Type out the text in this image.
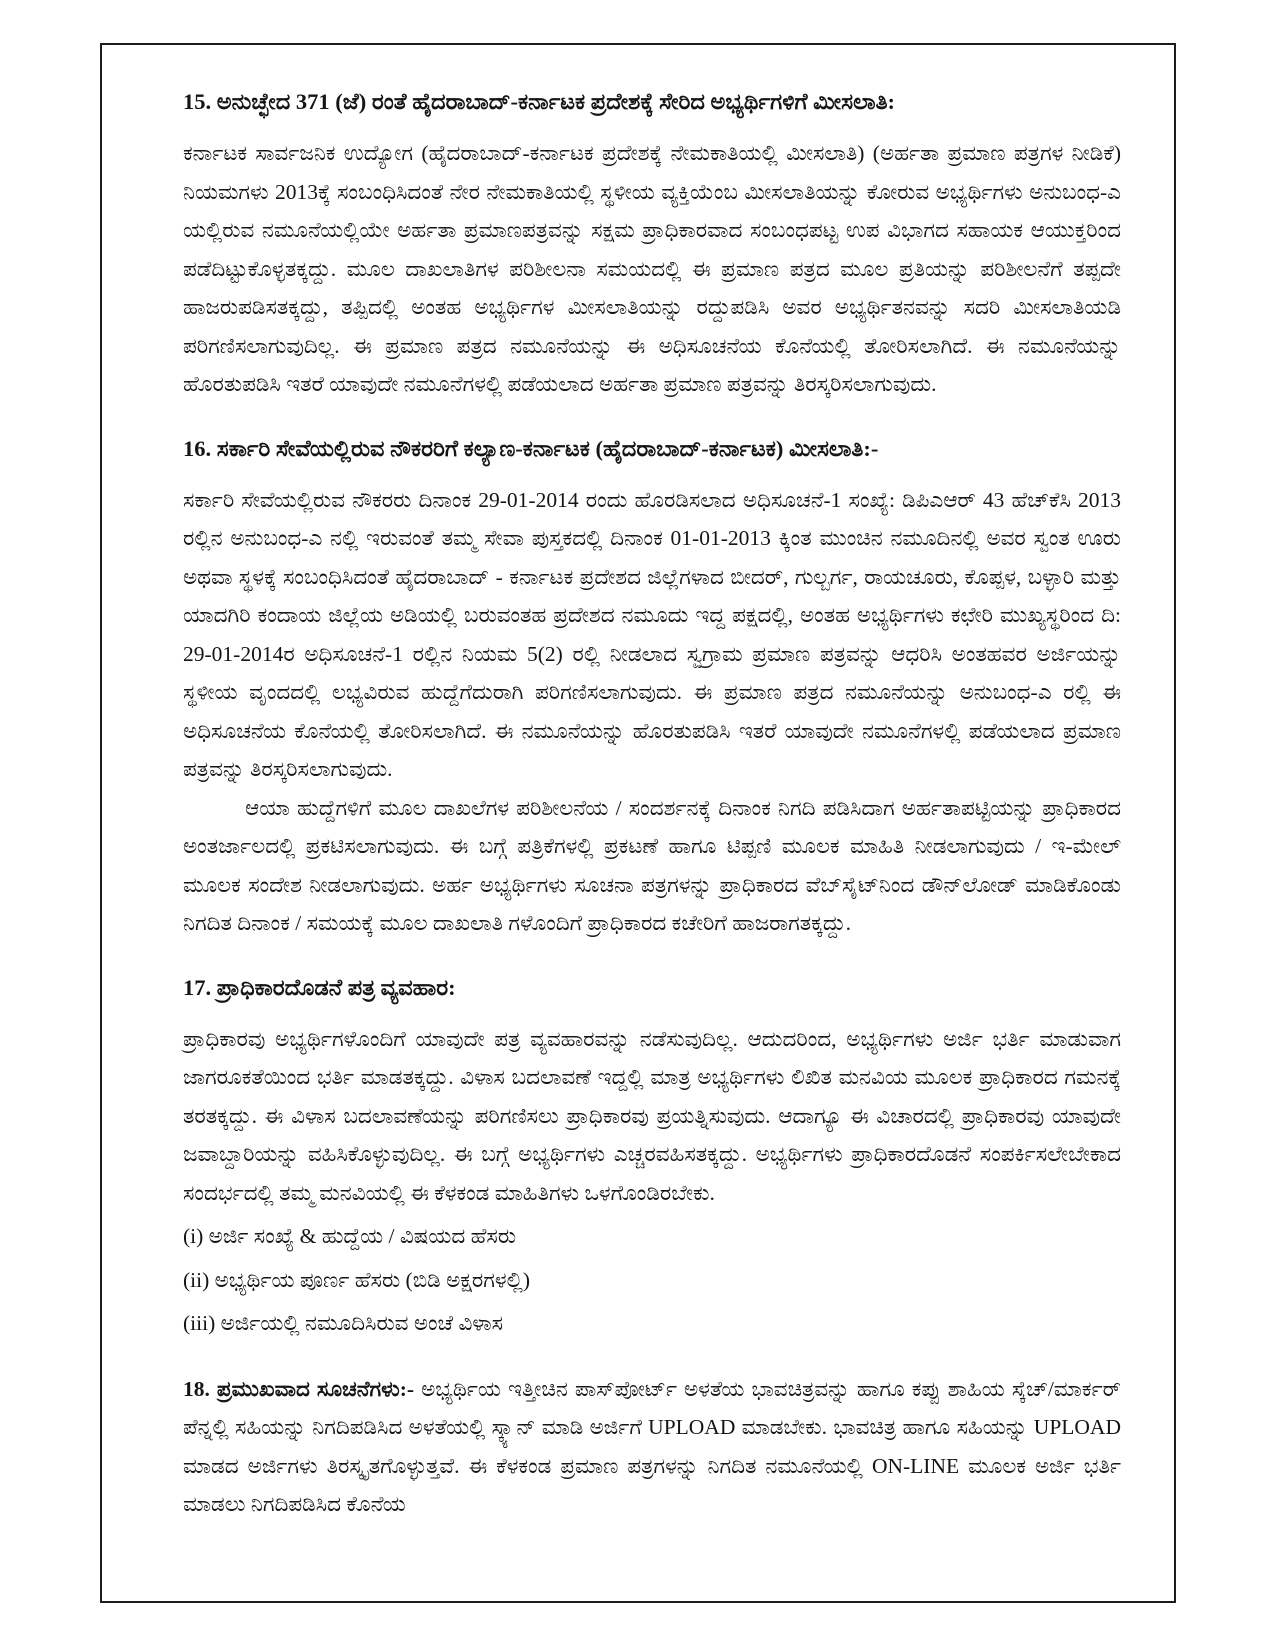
15. ಅನುಚ್ಛೇದ 371 (ಜೆ) ರಂತೆ ಹೈದರಾಬಾದ್-ಕರ್ನಾಟಕ ಪ್ರದೇಶಕ್ಕೆ ಸೇರಿದ ಅಭ್ಯರ್ಥಿಗಳಿಗೆ ಮೀಸಲಾತಿ:

ಕರ್ನಾಟಕ ಸಾರ್ವಜನಿಕ ಉದ್ಯೋಗ (ಹೈದರಾಬಾದ್-ಕರ್ನಾಟಕ ಪ್ರದೇಶಕ್ಕೆ ನೇಮಕಾತಿಯಲ್ಲಿ ಮೀಸಲಾತಿ) (ಅರ್ಹತಾ ಪ್ರಮಾಣ ಪತ್ರಗಳ ನೀಡಿಕೆ) ನಿಯಮಗಳು 2013ಕ್ಕೆ ಸಂಬಂಧಿಸಿದಂತೆ ನೇರ ನೇಮಕಾತಿಯಲ್ಲಿ ಸ್ಥಳೀಯ ವ್ಯಕ್ತಿಯೆಂಬ ಮೀಸಲಾತಿಯನ್ನು ಕೋರುವ ಅಭ್ಯರ್ಥಿಗಳು ಅನುಬಂಧ-ಎ ಯಲ್ಲಿರುವ ನಮೂನೆಯಲ್ಲಿಯೇ ಅರ್ಹತಾ ಪ್ರಮಾಣಪತ್ರವನ್ನು ಸಕ್ಷಮ ಪ್ರಾಧಿಕಾರವಾದ ಸಂಬಂಧಪಟ್ಟ ಉಪ ವಿಭಾಗದ ಸಹಾಯಕ ಆಯುಕ್ತರಿಂದ ಪಡೆದಿಟ್ಟುಕೊಳ್ಳತಕ್ಕದ್ದು. ಮೂಲ ದಾಖಲಾತಿಗಳ ಪರಿಶೀಲನಾ ಸಮಯದಲ್ಲಿ ಈ ಪ್ರಮಾಣ ಪತ್ರದ ಮೂಲ ಪ್ರತಿಯನ್ನು ಪರಿಶೀಲನೆಗೆ ತಪ್ಪದೇ ಹಾಜರುಪಡಿಸತಕ್ಕದ್ದು, ತಪ್ಪಿದಲ್ಲಿ ಅಂತಹ ಅಭ್ಯರ್ಥಿಗಳ ಮೀಸಲಾತಿಯನ್ನು ರದ್ದುಪಡಿಸಿ ಅವರ ಅಭ್ಯರ್ಥಿತನವನ್ನು ಸದರಿ ಮೀಸಲಾತಿಯಡಿ ಪರಿಗಣಿಸಲಾಗುವುದಿಲ್ಲ. ಈ ಪ್ರಮಾಣ ಪತ್ರದ ನಮೂನೆಯನ್ನು ಈ ಅಧಿಸೂಚನೆಯ ಕೊನೆಯಲ್ಲಿ ತೋರಿಸಲಾಗಿದೆ. ಈ ನಮೂನೆಯನ್ನು ಹೊರತುಪಡಿಸಿ ಇತರೆ ಯಾವುದೇ ನಮೂನೆಗಳಲ್ಲಿ ಪಡೆಯಲಾದ ಅರ್ಹತಾ ಪ್ರಮಾಣ ಪತ್ರವನ್ನು ತಿರಸ್ಕರಿಸಲಾಗುವುದು.

16. ಸರ್ಕಾರಿ ಸೇವೆಯಲ್ಲಿರುವ ನೌಕರರಿಗೆ ಕಲ್ಯಾಣ-ಕರ್ನಾಟಕ (ಹೈದರಾಬಾದ್-ಕರ್ನಾಟಕ) ಮೀಸಲಾತಿ:-

ಸರ್ಕಾರಿ ಸೇವೆಯಲ್ಲಿರುವ ನೌಕರರು ದಿನಾಂಕ 29-01-2014 ರಂದು ಹೊರಡಿಸಲಾದ ಅಧಿಸೂಚನೆ-1 ಸಂಖ್ಯೆ: ಡಿಪಿಎಆರ್ 43 ಹೆಚ್‌ಕೆಸಿ 2013 ರಲ್ಲಿನ ಅನುಬಂಧ-ಎ ನಲ್ಲಿ ಇರುವಂತೆ ತಮ್ಮ ಸೇವಾ ಪುಸ್ತಕದಲ್ಲಿ ದಿನಾಂಕ 01-01-2013 ಕ್ಕಿಂತ ಮುಂಚಿನ ನಮೂದಿನಲ್ಲಿ ಅವರ ಸ್ವಂತ ಊರು ಅಥವಾ ಸ್ಥಳಕ್ಕೆ ಸಂಬಂಧಿಸಿದಂತೆ ಹೈದರಾಬಾದ್ - ಕರ್ನಾಟಕ ಪ್ರದೇಶದ ಜಿಲ್ಲೆಗಳಾದ ಬೀದರ್, ಗುಲ್ಬರ್ಗ, ರಾಯಚೂರು, ಕೊಪ್ಪಳ, ಬಳ್ಳಾರಿ ಮತ್ತು ಯಾದಗಿರಿ ಕಂದಾಯ ಜಿಲ್ಲೆಯ ಅಡಿಯಲ್ಲಿ ಬರುವಂತಹ ಪ್ರದೇಶದ ನಮೂದು ಇದ್ದ ಪಕ್ಷದಲ್ಲಿ, ಅಂತಹ ಅಭ್ಯರ್ಥಿಗಳು ಕಛೇರಿ ಮುಖ್ಯಸ್ಥರಿಂದ ದಿ: 29-01-2014ರ ಅಧಿಸೂಚನೆ-1 ರಲ್ಲಿನ ನಿಯಮ 5(2) ರಲ್ಲಿ ನೀಡಲಾದ ಸ್ವಗ್ರಾಮ ಪ್ರಮಾಣ ಪತ್ರವನ್ನು ಆಧರಿಸಿ ಅಂತಹವರ ಅರ್ಜಿಯನ್ನು ಸ್ಥಳೀಯ ವೃಂದದಲ್ಲಿ ಲಭ್ಯವಿರುವ ಹುದ್ದೆಗೆದುರಾಗಿ ಪರಿಗಣಿಸಲಾಗುವುದು. ಈ ಪ್ರಮಾಣ ಪತ್ರದ ನಮೂನೆಯನ್ನು ಅನುಬಂಧ-ಎ ರಲ್ಲಿ ಈ ಅಧಿಸೂಚನೆಯ ಕೊನೆಯಲ್ಲಿ ತೋರಿಸಲಾಗಿದೆ. ಈ ನಮೂನೆಯನ್ನು ಹೊರತುಪಡಿಸಿ ಇತರೆ ಯಾವುದೇ ನಮೂನೆಗಳಲ್ಲಿ ಪಡೆಯಲಾದ ಪ್ರಮಾಣ ಪತ್ರವನ್ನು ತಿರಸ್ಕರಿಸಲಾಗುವುದು.

ಆಯಾ ಹುದ್ದೆಗಳಿಗೆ ಮೂಲ ದಾಖಲೆಗಳ ಪರಿಶೀಲನೆಯ / ಸಂದರ್ಶನಕ್ಕೆ ದಿನಾಂಕ ನಿಗದಿ ಪಡಿಸಿದಾಗ ಅರ್ಹತಾಪಟ್ಟಿಯನ್ನು ಪ್ರಾಧಿಕಾರದ ಅಂತರ್ಜಾಲದಲ್ಲಿ ಪ್ರಕಟಿಸಲಾಗುವುದು. ಈ ಬಗ್ಗೆ ಪತ್ರಿಕೆಗಳಲ್ಲಿ ಪ್ರಕಟಣೆ ಹಾಗೂ ಟಿಪ್ಪಣಿ ಮೂಲಕ ಮಾಹಿತಿ ನೀಡಲಾಗುವುದು / ಇ-ಮೇಲ್ ಮೂಲಕ ಸಂದೇಶ ನೀಡಲಾಗುವುದು. ಅರ್ಹ ಅಭ್ಯರ್ಥಿಗಳು ಸೂಚನಾ ಪತ್ರಗಳನ್ನು ಪ್ರಾಧಿಕಾರದ ವೆಬ್‌ಸೈಟ್‌ನಿಂದ ಡೌನ್‌ಲೋಡ್ ಮಾಡಿಕೊಂಡು ನಿಗದಿತ ದಿನಾಂಕ / ಸಮಯಕ್ಕೆ ಮೂಲ ದಾಖಲಾತಿ ಗಳೊಂದಿಗೆ ಪ್ರಾಧಿಕಾರದ ಕಚೇರಿಗೆ ಹಾಜರಾಗತಕ್ಕದ್ದು.

17. ಪ್ರಾಧಿಕಾರದೊಡನೆ ಪತ್ರ ವ್ಯವಹಾರ:

ಪ್ರಾಧಿಕಾರವು ಅಭ್ಯರ್ಥಿಗಳೊಂದಿಗೆ ಯಾವುದೇ ಪತ್ರ ವ್ಯವಹಾರವನ್ನು ನಡೆಸುವುದಿಲ್ಲ. ಆದುದರಿಂದ, ಅಭ್ಯರ್ಥಿಗಳು ಅರ್ಜಿ ಭರ್ತಿ ಮಾಡುವಾಗ ಜಾಗರೂಕತೆಯಿಂದ ಭರ್ತಿ ಮಾಡತಕ್ಕದ್ದು. ವಿಳಾಸ ಬದಲಾವಣೆ ಇದ್ದಲ್ಲಿ ಮಾತ್ರ ಅಭ್ಯರ್ಥಿಗಳು ಲಿಖಿತ ಮನವಿಯ ಮೂಲಕ ಪ್ರಾಧಿಕಾರದ ಗಮನಕ್ಕೆ ತರತಕ್ಕದ್ದು. ಈ ವಿಳಾಸ ಬದಲಾವಣೆಯನ್ನು ಪರಿಗಣಿಸಲು ಪ್ರಾಧಿಕಾರವು ಪ್ರಯತ್ನಿಸುವುದು. ಆದಾಗ್ಯೂ ಈ ವಿಚಾರದಲ್ಲಿ ಪ್ರಾಧಿಕಾರವು ಯಾವುದೇ ಜವಾಬ್ದಾರಿಯನ್ನು ವಹಿಸಿಕೊಳ್ಳುವುದಿಲ್ಲ. ಈ ಬಗ್ಗೆ ಅಭ್ಯರ್ಥಿಗಳು ಎಚ್ಚರವಹಿಸತಕ್ಕದ್ದು. ಅಭ್ಯರ್ಥಿಗಳು ಪ್ರಾಧಿಕಾರದೊಡನೆ ಸಂಪರ್ಕಿಸಲೇಬೇಕಾದ ಸಂದರ್ಭದಲ್ಲಿ ತಮ್ಮ ಮನವಿಯಲ್ಲಿ ಈ ಕೆಳಕಂಡ ಮಾಹಿತಿಗಳು ಒಳಗೊಂಡಿರಬೇಕು.

(i) ಅರ್ಜಿ ಸಂಖ್ಯೆ & ಹುದ್ದೆಯ / ವಿಷಯದ ಹೆಸರು

(ii) ಅಭ್ಯರ್ಥಿಯ ಪೂರ್ಣ ಹೆಸರು (ಬಿಡಿ ಅಕ್ಷರಗಳಲ್ಲಿ)

(iii) ಅರ್ಜಿಯಲ್ಲಿ ನಮೂದಿಸಿರುವ ಅಂಚೆ ವಿಳಾಸ

18. ಪ್ರಮುಖವಾದ ಸೂಚನೆಗಳು:- ಅಭ್ಯರ್ಥಿಯ ಇತ್ತೀಚಿನ ಪಾಸ್‌ಪೋರ್ಟ್ ಅಳತೆಯ ಭಾವಚಿತ್ರವನ್ನು ಹಾಗೂ ಕಪ್ಪು ಶಾಹಿಯ ಸ್ಕೆಚ್/ಮಾರ್ಕರ್ ಪೆನ್ನಲ್ಲಿ ಸಹಿಯನ್ನು ನಿಗದಿಪಡಿಸಿದ ಅಳತೆಯಲ್ಲಿ ಸ್ಕ್ಯಾನ್ ಮಾಡಿ ಅರ್ಜಿಗೆ UPLOAD ಮಾಡಬೇಕು. ಭಾವಚಿತ್ರ ಹಾಗೂ ಸಹಿಯನ್ನು UPLOAD ಮಾಡದ ಅರ್ಜಿಗಳು ತಿರಸ್ಕೃತಗೊಳ್ಳುತ್ತವೆ. ಈ ಕೆಳಕಂಡ ಪ್ರಮಾಣ ಪತ್ರಗಳನ್ನು ನಿಗದಿತ ನಮೂನೆಯಲ್ಲಿ ON-LINE ಮೂಲಕ ಅರ್ಜಿ ಭರ್ತಿ ಮಾಡಲು ನಿಗದಿಪಡಿಸಿದ ಕೊನೆಯ
